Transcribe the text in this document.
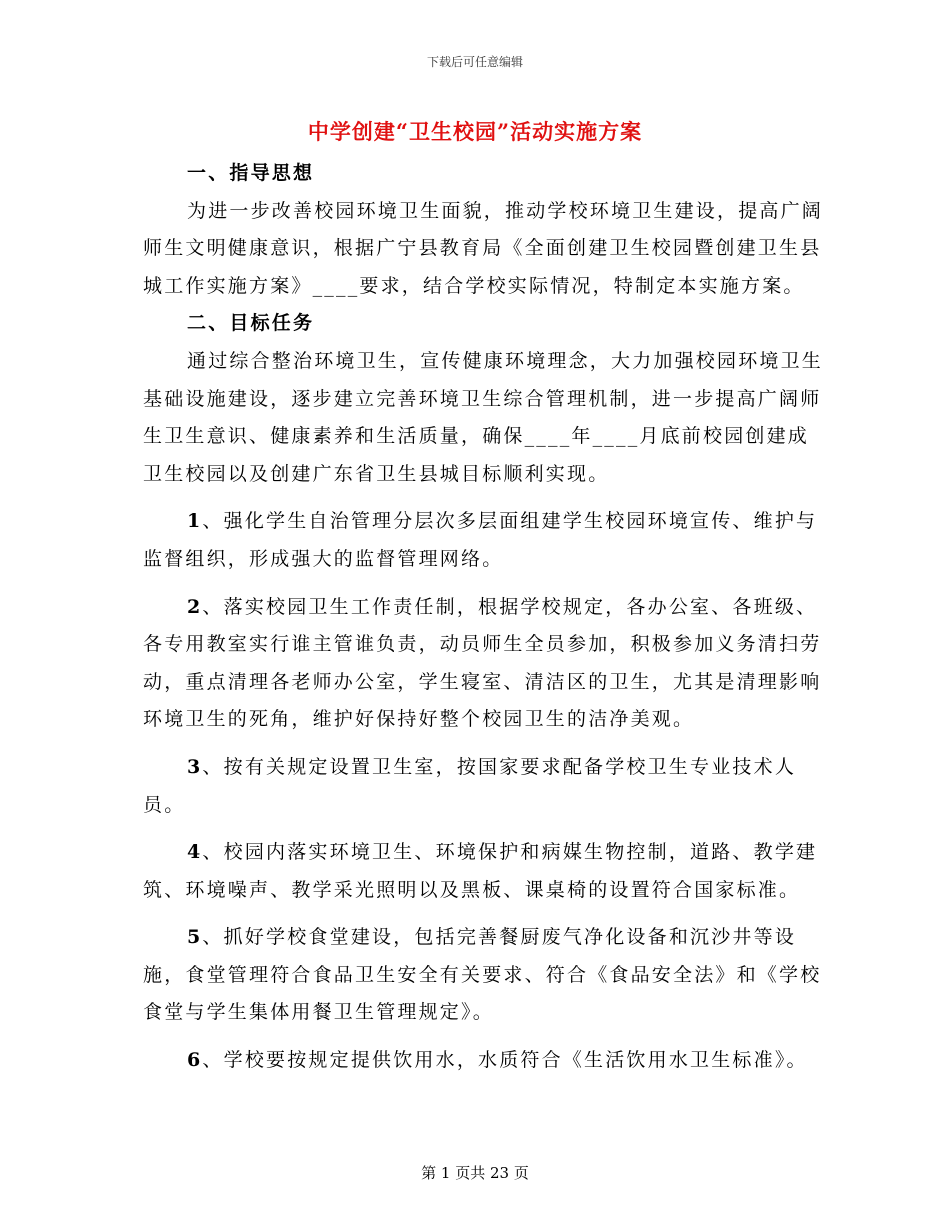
下载后可任意编辑
中学创建“卫生校园”活动实施方案

一、指导思想

为进一步改善校园环境卫生面貌，推动学校环境卫生建设，提高广阔师生文明健康意识，根据广宁县教育局《全面创建卫生校园暨创建卫生县城工作实施方案》____要求，结合学校实际情况，特制定本实施方案。

二、目标任务

通过综合整治环境卫生，宣传健康环境理念，大力加强校园环境卫生基础设施建设，逐步建立完善环境卫生综合管理机制，进一步提高广阔师生卫生意识、健康素养和生活质量，确保____年____月底前校园创建成卫生校园以及创建广东省卫生县城目标顺利实现。

1、强化学生自治管理分层次多层面组建学生校园环境宣传、维护与监督组织，形成强大的监督管理网络。

2、落实校园卫生工作责任制，根据学校规定，各办公室、各班级、各专用教室实行谁主管谁负责，动员师生全员参加，积极参加义务清扫劳动，重点清理各老师办公室，学生寝室、清洁区的卫生，尤其是清理影响环境卫生的死角，维护好保持好整个校园卫生的洁净美观。

3、按有关规定设置卫生室，按国家要求配备学校卫生专业技术人员。

4、校园内落实环境卫生、环境保护和病媒生物控制，道路、教学建筑、环境噪声、教学采光照明以及黑板、课桌椅的设置符合国家标准。

5、抓好学校食堂建设，包括完善餐厨废气净化设备和沉沙井等设施，食堂管理符合食品卫生安全有关要求、符合《食品安全法》和《学校食堂与学生集体用餐卫生管理规定》。

6、学校要按规定提供饮用水，水质符合《生活饮用水卫生标准》。

第 1 页共 23 页
